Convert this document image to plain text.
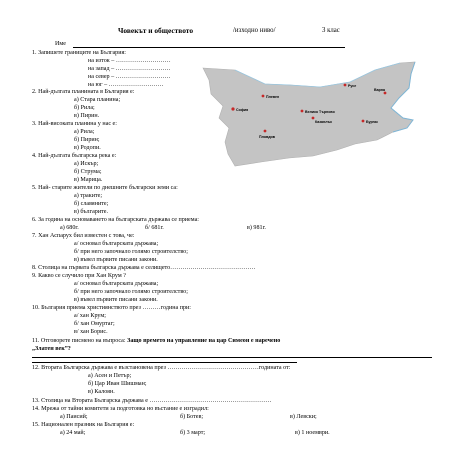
Човекът и обществото	/изходно ниво/	3 клас
Име
1. Запишете границите на България:
на изток – ………………………
на запад – ………………………
на север – ………………………
на юг – ………………………
2. Най-дългата планината в България е:
а) Стара планина;
б) Рила;
в) Пирин.
3. Най-високата планина у нас е:
а) Рила;
б) Пирин;
в) Родопи.
4. Най-дългата българска река е:
а) Искър;
б) Струма;
в) Марица.
5. Най- старите жители по днешните български земи са:
а) траките;
б) славяните;
в) българите.
6. За година на основаването на българската държава се приема:
а) 680г.	б/ 681г.	в) 981г.
7. Хан Аспарух бил известен с това, че:
а/ основал българската държава;
б/ при него започнало голямо строителство;
в) въвел първите писани закони.
8. Столица на първата българска държава е селището……………………………………
9. Какво се случило при Хан Крум ?
а/ основал българската държава;
б/ при него започнало голямо строителство;
в) въвел първите писани закони.
10. България приема християнството през ………година при:
а/ хан Крум;
б/ хан Омуртаг;
в/ хан Борис.
11. Отговорете писмено на въпроса: Защо времето на управление на цар Симеон е наречено
„Златен век”?
12. Втората Българска държава е възстановена през ………………………………………годината от:
а) Асен и Петър;
б) Цар Иван Шишман;
в) Калоян.
13. Столица на Втората Българска държава е ……………………………………………………
14. Мрежа от тайни комитети за подготовка но въстание е изградил:
а) Паисий;	б) Ботев;	в) Левски;
15. Национален празник на България е:
а) 24 май;	б) 3 март;	в) 1 ноември.
Плевен
Велико Търново
Варна
Русе
София
Казанлък	Бургас
Пловдив
